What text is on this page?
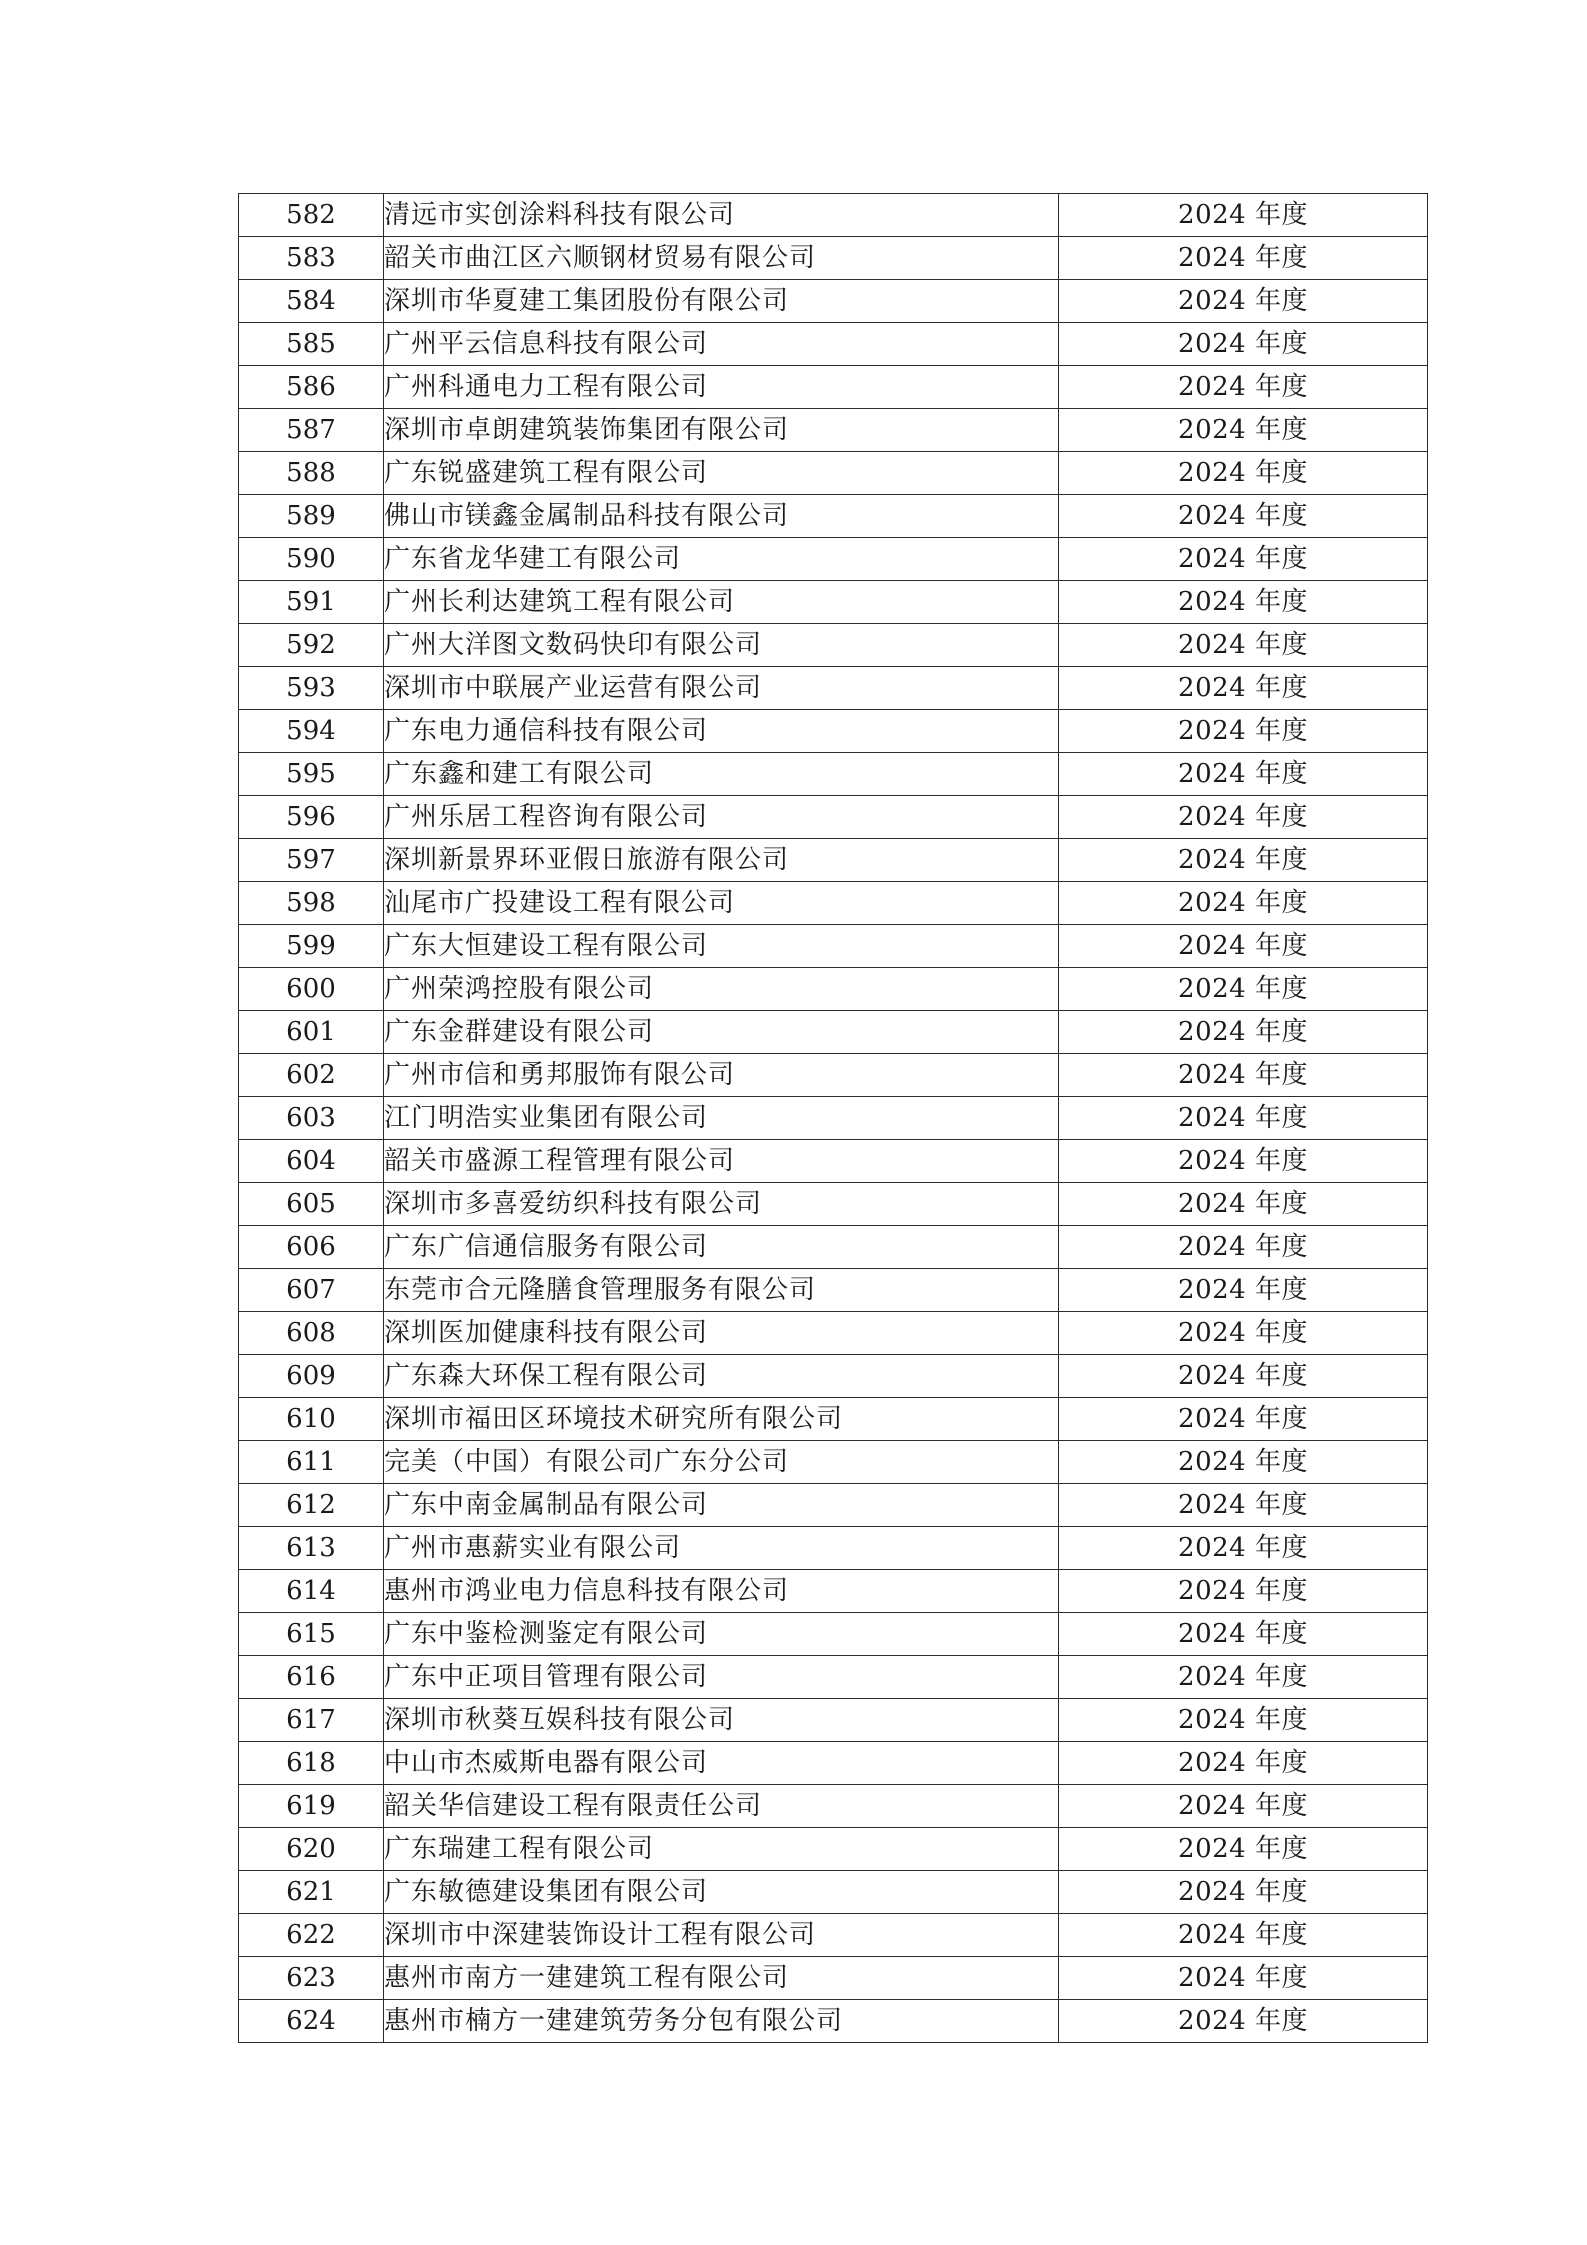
582	清远市实创涂料科技有限公司	2024 年度
583	韶关市曲江区六顺钢材贸易有限公司	2024 年度
584	深圳市华夏建工集团股份有限公司	2024 年度
585	广州平云信息科技有限公司	2024 年度
586	广州科通电力工程有限公司	2024 年度
587	深圳市卓朗建筑装饰集团有限公司	2024 年度
588	广东锐盛建筑工程有限公司	2024 年度
589	佛山市镁鑫金属制品科技有限公司	2024 年度
590	广东省龙华建工有限公司	2024 年度
591	广州长利达建筑工程有限公司	2024 年度
592	广州大洋图文数码快印有限公司	2024 年度
593	深圳市中联展产业运营有限公司	2024 年度
594	广东电力通信科技有限公司	2024 年度
595	广东鑫和建工有限公司	2024 年度
596	广州乐居工程咨询有限公司	2024 年度
597	深圳新景界环亚假日旅游有限公司	2024 年度
598	汕尾市广投建设工程有限公司	2024 年度
599	广东大恒建设工程有限公司	2024 年度
600	广州荣鸿控股有限公司	2024 年度
601	广东金群建设有限公司	2024 年度
602	广州市信和勇邦服饰有限公司	2024 年度
603	江门明浩实业集团有限公司	2024 年度
604	韶关市盛源工程管理有限公司	2024 年度
605	深圳市多喜爱纺织科技有限公司	2024 年度
606	广东广信通信服务有限公司	2024 年度
607	东莞市合元隆膳食管理服务有限公司	2024 年度
608	深圳医加健康科技有限公司	2024 年度
609	广东森大环保工程有限公司	2024 年度
610	深圳市福田区环境技术研究所有限公司	2024 年度
611	完美（中国）有限公司广东分公司	2024 年度
612	广东中南金属制品有限公司	2024 年度
613	广州市惠薪实业有限公司	2024 年度
614	惠州市鸿业电力信息科技有限公司	2024 年度
615	广东中鉴检测鉴定有限公司	2024 年度
616	广东中正项目管理有限公司	2024 年度
617	深圳市秋葵互娱科技有限公司	2024 年度
618	中山市杰威斯电器有限公司	2024 年度
619	韶关华信建设工程有限责任公司	2024 年度
620	广东瑞建工程有限公司	2024 年度
621	广东敏德建设集团有限公司	2024 年度
622	深圳市中深建装饰设计工程有限公司	2024 年度
623	惠州市南方一建建筑工程有限公司	2024 年度
624	惠州市楠方一建建筑劳务分包有限公司	2024 年度
